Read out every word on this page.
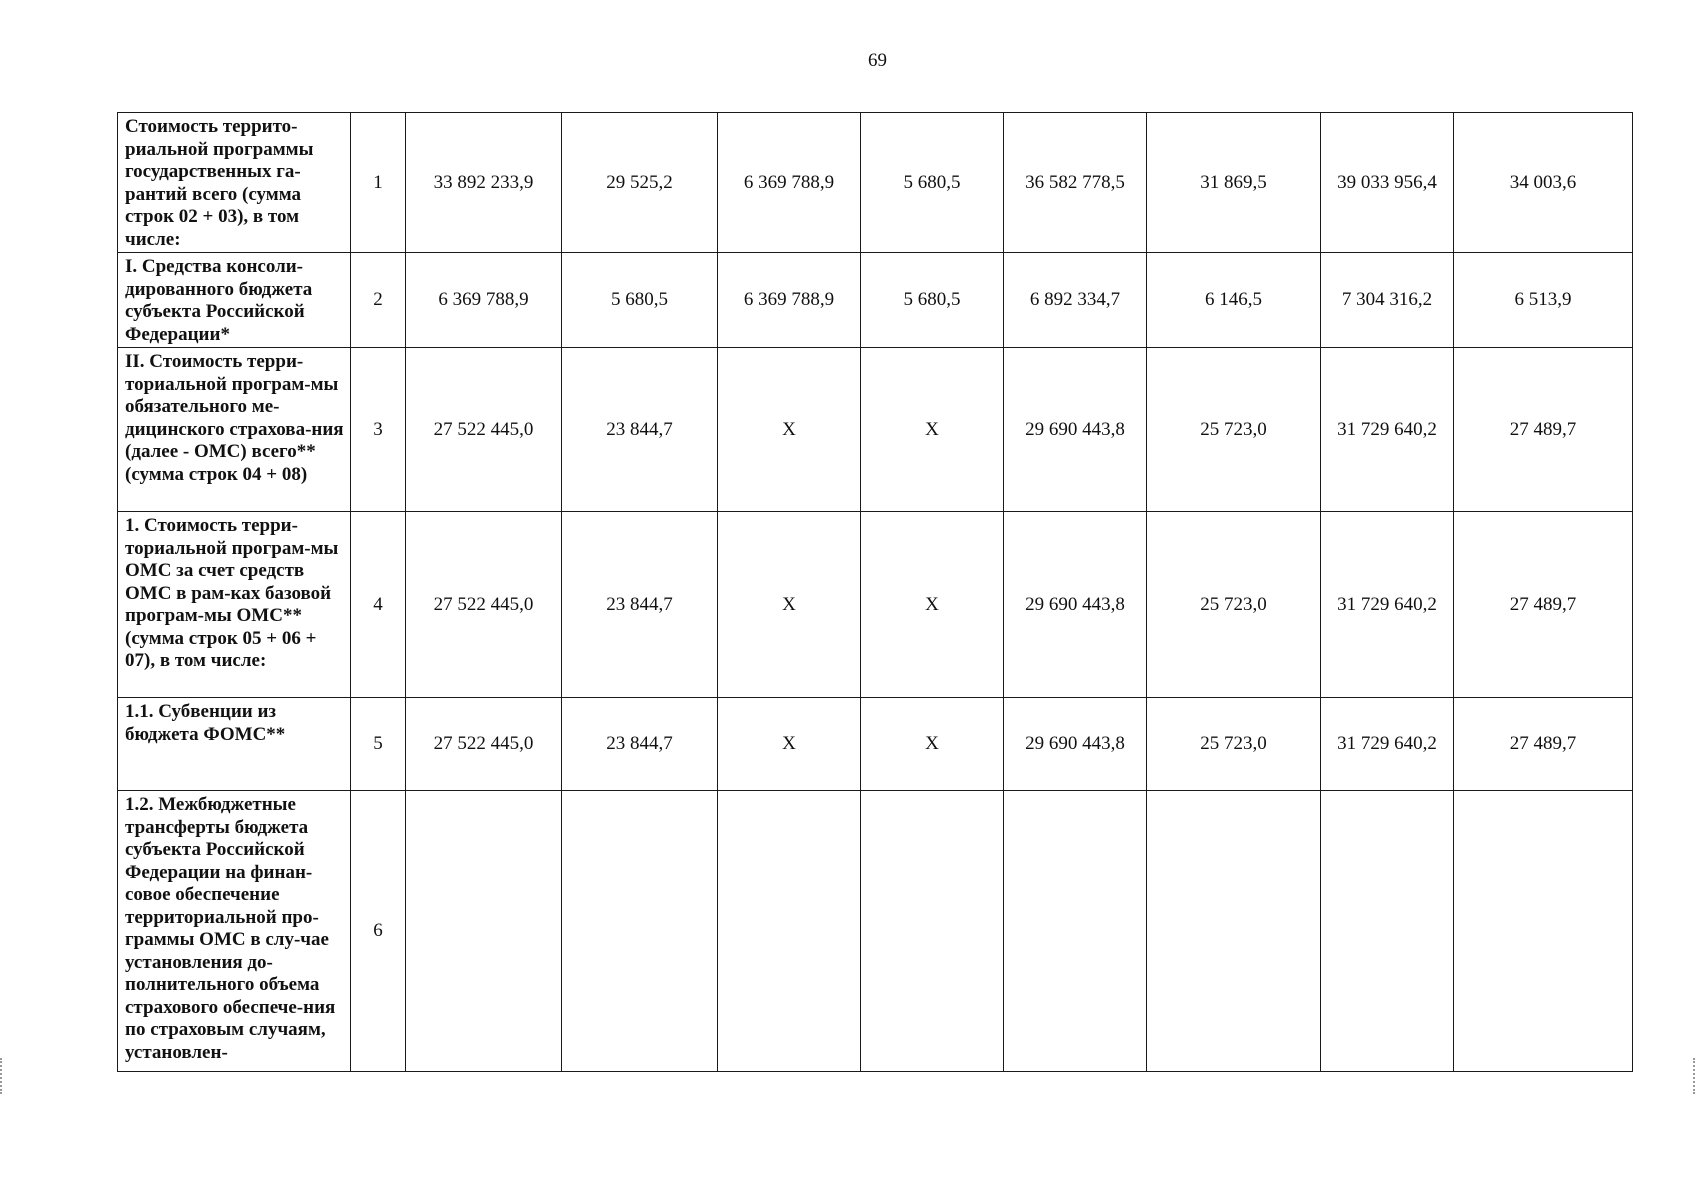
69
Стоимость террито-риальной программы государственных га-рантий всего (сумма строк 02 + 03), в том числе:	1	33 892 233,9	29 525,2	6 369 788,9	5 680,5	36 582 778,5	31 869,5	39 033 956,4	34 003,6
I. Средства консоли-дированного бюджета субъекта Российской Федерации*	2	6 369 788,9	5 680,5	6 369 788,9	5 680,5	6 892 334,7	6 146,5	7 304 316,2	6 513,9
II. Стоимость терри-ториальной програм-мы обязательного ме-дицинского страхова-ния (далее - ОМС) всего** (сумма строк 04 + 08)	3	27 522 445,0	23 844,7	X	X	29 690 443,8	25 723,0	31 729 640,2	27 489,7
1. Стоимость терри-ториальной програм-мы ОМС за счет средств ОМС в рам-ках базовой програм-мы ОМС** (сумма строк 05 + 06 + 07), в том числе:	4	27 522 445,0	23 844,7	X	X	29 690 443,8	25 723,0	31 729 640,2	27 489,7
1.1. Субвенции из бюджета ФОМС**	5	27 522 445,0	23 844,7	X	X	29 690 443,8	25 723,0	31 729 640,2	27 489,7
1.2. Межбюджетные трансферты бюджета субъекта Российской Федерации на финан-совое обеспечение территориальной про-граммы ОМС в слу-чае установления до-полнительного объема страхового обеспече-ния по страховым случаям, установлен-	6								
